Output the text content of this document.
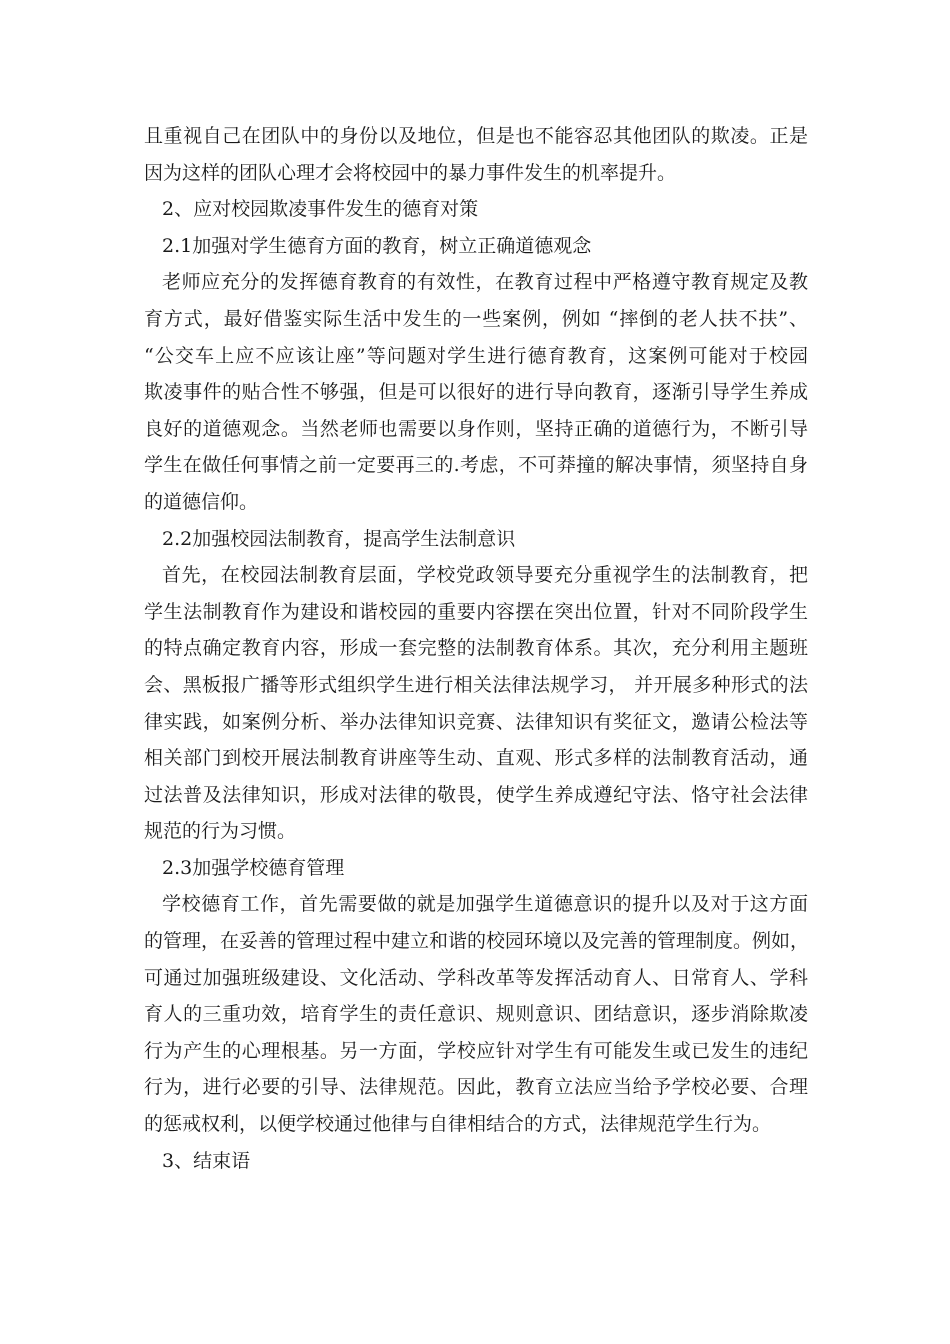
且重视自己在团队中的身份以及地位，但是也不能容忍其他团队的欺凌。正是
因为这样的团队心理才会将校园中的暴力事件发生的机率提升。
2、应对校园欺凌事件发生的德育对策
2.1加强对学生德育方面的教育，树立正确道德观念
老师应充分的发挥德育教育的有效性，在教育过程中严格遵守教育规定及教
育方式，最好借鉴实际生活中发生的一些案例，例如 “摔倒的老人扶不扶”、
“公交车上应不应该让座”等问题对学生进行德育教育，这案例可能对于校园
欺凌事件的贴合性不够强，但是可以很好的进行导向教育，逐渐引导学生养成
良好的道德观念。当然老师也需要以身作则，坚持正确的道德行为，不断引导
学生在做任何事情之前一定要再三的.考虑，不可莽撞的解决事情，须坚持自身
的道德信仰。
2.2加强校园法制教育，提高学生法制意识
首先，在校园法制教育层面，学校党政领导要充分重视学生的法制教育，把
学生法制教育作为建设和谐校园的重要内容摆在突出位置，针对不同阶段学生
的特点确定教育内容，形成一套完整的法制教育体系。其次，充分利用主题班
会、黑板报广播等形式组织学生进行相关法律法规学习， 并开展多种形式的法
律实践，如案例分析、举办法律知识竞赛、法律知识有奖征文，邀请公检法等
相关部门到校开展法制教育讲座等生动、直观、形式多样的法制教育活动，通
过法普及法律知识，形成对法律的敬畏，使学生养成遵纪守法、恪守社会法律
规范的行为习惯。
2.3加强学校德育管理
学校德育工作，首先需要做的就是加强学生道德意识的提升以及对于这方面
的管理，在妥善的管理过程中建立和谐的校园环境以及完善的管理制度。例如，
可通过加强班级建设、文化活动、学科改革等发挥活动育人、日常育人、学科
育人的三重功效，培育学生的责任意识、规则意识、团结意识，逐步消除欺凌
行为产生的心理根基。另一方面，学校应针对学生有可能发生或已发生的违纪
行为，进行必要的引导、法律规范。因此，教育立法应当给予学校必要、合理
的惩戒权利，以便学校通过他律与自律相结合的方式，法律规范学生行为。
3、结束语
